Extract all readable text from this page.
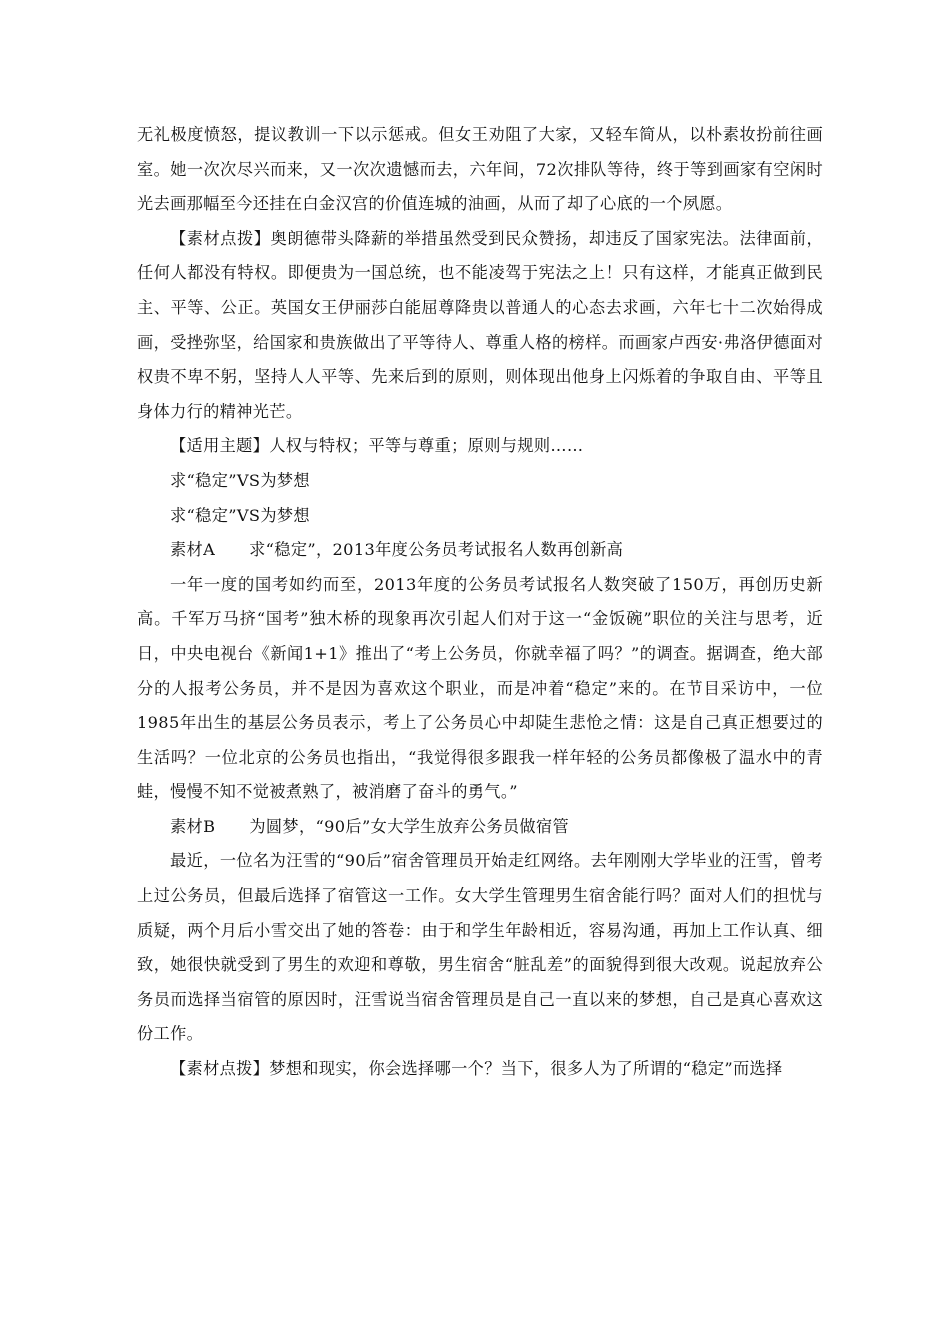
无礼极度愤怒，提议教训一下以示惩戒。但女王劝阻了大家，又轻车简从，以朴素妆扮前往画室。她一次次尽兴而来，又一次次遗憾而去，六年间，72次排队等待，终于等到画家有空闲时光去画那幅至今还挂在白金汉宫的价值连城的油画，从而了却了心底的一个夙愿。

【素材点拨】奥朗德带头降薪的举措虽然受到民众赞扬，却违反了国家宪法。法律面前，任何人都没有特权。即便贵为一国总统，也不能凌驾于宪法之上！只有这样，才能真正做到民主、平等、公正。英国女王伊丽莎白能屈尊降贵以普通人的心态去求画，六年七十二次始得成画，受挫弥坚，给国家和贵族做出了平等待人、尊重人格的榜样。而画家卢西安·弗洛伊德面对权贵不卑不躬，坚持人人平等、先来后到的原则，则体现出他身上闪烁着的争取自由、平等且身体力行的精神光芒。

【适用主题】人权与特权；平等与尊重；原则与规则……

求“稳定”VS为梦想

求“稳定”VS为梦想

素材A 求“稳定”，2013年度公务员考试报名人数再创新高

一年一度的国考如约而至，2013年度的公务员考试报名人数突破了150万，再创历史新高。千军万马挤“国考”独木桥的现象再次引起人们对于这一“金饭碗”职位的关注与思考，近日，中央电视台《新闻1+1》推出了“考上公务员，你就幸福了吗？”的调查。据调查，绝大部分的人报考公务员，并不是因为喜欢这个职业，而是冲着“稳定”来的。在节目采访中，一位1985年出生的基层公务员表示，考上了公务员心中却陡生悲怆之情：这是自己真正想要过的生活吗？一位北京的公务员也指出，“我觉得很多跟我一样年轻的公务员都像极了温水中的青蛙，慢慢不知不觉被煮熟了，被消磨了奋斗的勇气。”

素材B 为圆梦，“90后”女大学生放弃公务员做宿管

最近，一位名为汪雪的“90后”宿舍管理员开始走红网络。去年刚刚大学毕业的汪雪，曾考上过公务员，但最后选择了宿管这一工作。女大学生管理男生宿舍能行吗？面对人们的担忧与质疑，两个月后小雪交出了她的答卷：由于和学生年龄相近，容易沟通，再加上工作认真、细致，她很快就受到了男生的欢迎和尊敬，男生宿舍“脏乱差”的面貌得到很大改观。说起放弃公务员而选择当宿管的原因时，汪雪说当宿舍管理员是自己一直以来的梦想，自己是真心喜欢这份工作。

【素材点拨】梦想和现实，你会选择哪一个？当下，很多人为了所谓的“稳定”而选择
